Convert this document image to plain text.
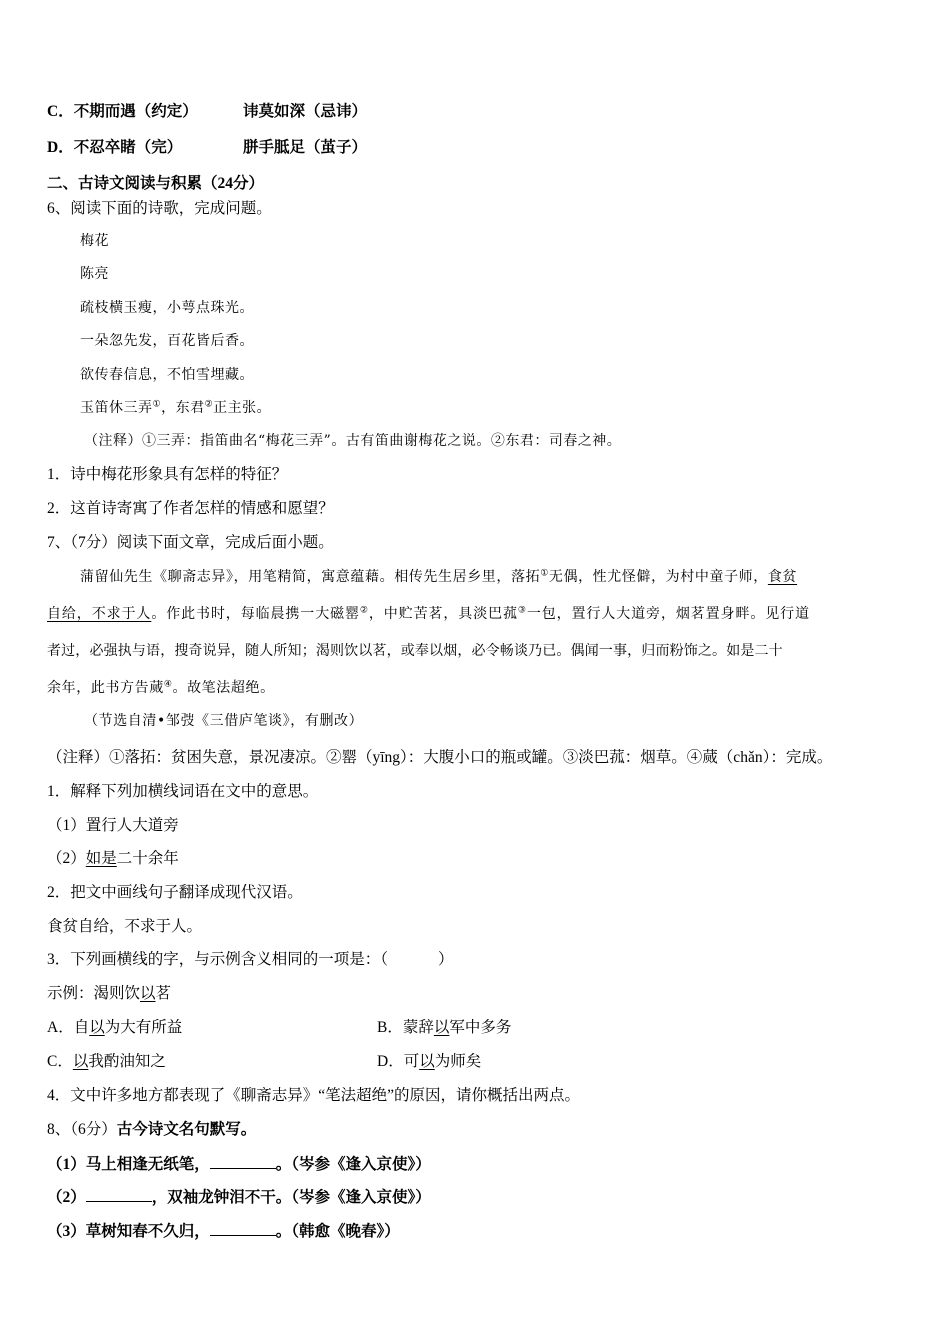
C．不期而遇（约定）	讳莫如深（忌讳）
D．不忍卒睹（完）	胼手胝足（茧子）
二、古诗文阅读与积累（24分）
6、阅读下面的诗歌，完成问题。
梅花
陈亮
疏枝横玉瘦，小萼点珠光。
一朵忽先发，百花皆后香。
欲传春信息，不怕雪埋藏。
玉笛休三弄①，东君②正主张。
（注释）①三弄：指笛曲名“梅花三弄”。古有笛曲谢梅花之说。②东君：司春之神。
1．诗中梅花形象具有怎样的特征？
2．这首诗寄寓了作者怎样的情感和愿望？
7、（7分）阅读下面文章，完成后面小题。
蒲留仙先生《聊斋志异》，用笔精简，寓意蕴藉。相传先生居乡里，落拓①无偶，性尤怪僻，为村中童子师，食贫
自给，不求于人。作此书时，每临晨携一大磁罂②，中贮苦茗，具淡巴菰③一包，置行人大道旁，烟茗置身畔。见行道
者过，必强执与语，搜奇说异，随人所知；渴则饮以茗，或奉以烟，必令畅谈乃已。偶闻一事，归而粉饰之。如是二十
余年，此书方告蒇④。故笔法超绝。
（节选自清•邹弢《三借庐笔谈》，有删改）
（注释）①落拓：贫困失意，景况凄凉。②罂（yīng）：大腹小口的瓶或罐。③淡巴菰：烟草。④蒇（chǎn）：完成。
1．解释下列加横线词语在文中的意思。
（1）置行人大道旁
（2）如是二十余年
2．把文中画线句子翻译成现代汉语。
食贫自给，不求于人。
3．下列画横线的字，与示例含义相同的一项是：（	）
示例：渴则饮以茗
A．自以为大有所益	B．蒙辞以军中多务
C．以我酌油知之	D．可以为师矣
4．文中许多地方都表现了《聊斋志异》“笔法超绝”的原因，请你概括出两点。
8、（6分）古今诗文名句默写。
（1）马上相逢无纸笔，	。（岑参《逢入京使》）
（2）	，双袖龙钟泪不干。（岑参《逢入京使》）
（3）草树知春不久归，	。（韩愈《晚春》）
